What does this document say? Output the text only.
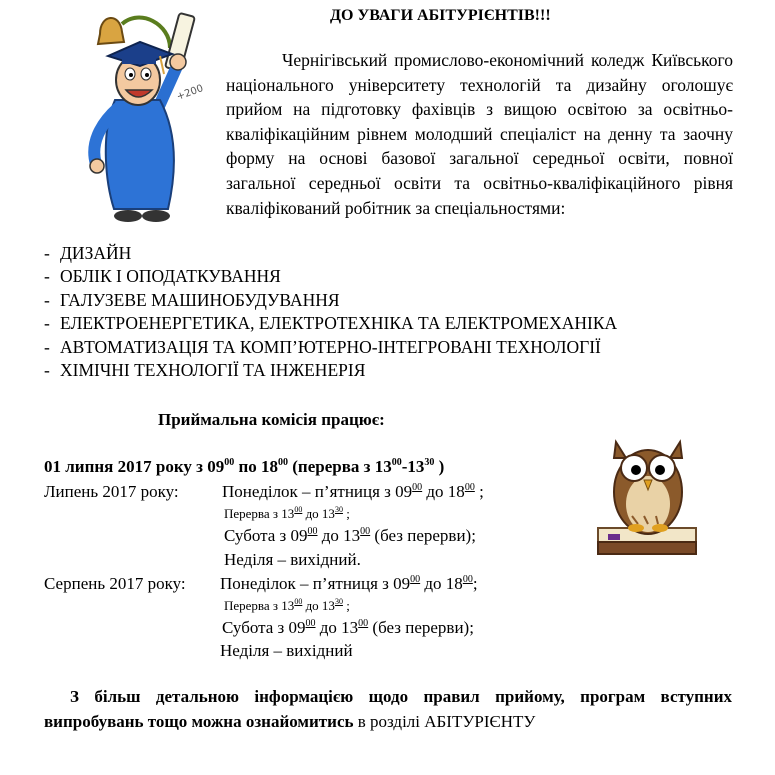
+200
ДО УВАГИ АБІТУРІЄНТІВ!!!
Чернігівський промислово-економічний коледж Київського національного університету технологій та дизайну оголошує прийом на підготовку фахівців з вищою освітою за освітньо-кваліфікаційним рівнем молодший спеціаліст на денну та заочну форму на основі базової загальної середньої освіти, повної загальної середньої освіти та освітньо-кваліфікаційного рівня кваліфікований робітник за спеціальностями:
- ДИЗАЙН
- ОБЛІК І ОПОДАТКУВАННЯ
- ГАЛУЗЕВЕ МАШИНОБУДУВАННЯ
- ЕЛЕКТРОЕНЕРГЕТИКА, ЕЛЕКТРОТЕХНІКА ТА ЕЛЕКТРОМЕХАНІКА
- АВТОМАТИЗАЦІЯ ТА КОМП’ЮТЕРНО-ІНТЕГРОВАНІ ТЕХНОЛОГІЇ
- ХІМІЧНІ ТЕХНОЛОГІЇ ТА ІНЖЕНЕРІЯ
Приймальна комісія працює:
01 липня 2017 року з $09^{00}$ по $18^{00}$ (перерва з $13^{00}-13^{30}$ )
Липень 2017 року:	Понеділок – п’ятниця з $09^{00}$ до $18^{00}$ ;
Перерва з $13^{00}$ до $13^{30}$ ;
Субота з $09^{00}$ до $13^{00}$ (без перерви);
Неділя – вихідний.
Серпень 2017 року: Понеділок – п’ятниця з $09^{00}$ до $18^{00}$;
Перерва з $13^{00}$ до $13^{30}$ ;
Субота з $09^{00}$ до $13^{00}$ (без перерви);
Неділя – вихідний
З більш детальною інформацією щодо правил прийому, програм вступних випробувань тощо можна ознайомитись в розділі АБІТУРІЄНТУ
